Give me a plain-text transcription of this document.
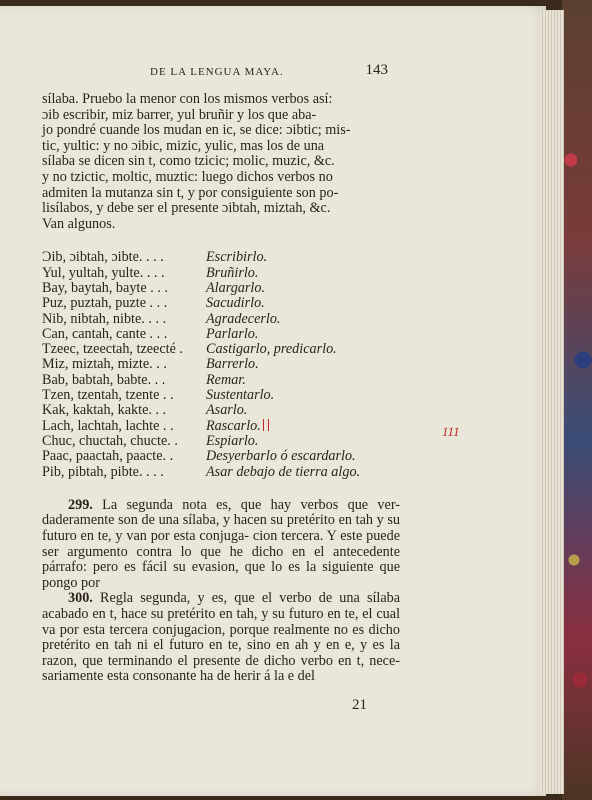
DE LA LENGUA MAYA.	143

sílaba. Pruebo la menor con los mismos verbos así:
ɔib escribir, miz barrer, yul bruñir y los que aba-
jo pondré cuande los mudan en ic, se dice: ɔibtic; mis-
tic, yultic: y no ɔibic, mizic, yulic, mas los de una
sílaba se dicen sin t, como tzicic; molic, muzic, &c.
y no tzictic, moltic, muztic: luego dichos verbos no
admiten la mutanza sin t, y por consiguiente son po-
lisílabos, y debe ser el presente ɔibtah, miztah, &c.
Van algunos.

Ɔib, ɔibtah, ɔibte. . . .	Escribirlo.
Yul, yultah, yulte. . . .	Bruñirlo.
Bay, baytah, bayte . . .	Alargarlo.
Puz, puztah, puzte . . .	Sacudirlo.
Nib, nibtah, nibte. . . .	Agradecerlo.
Can, cantah, cante . . .	Parlarlo.
Tzeec, tzeectah, tzeecté .	Castigarlo, predicarlo.
Miz, miztah, mizte. . .	Barrerlo.
Bab, babtah, babte. . .	Remar.
Tzen, tzentah, tzente . .	Sustentarlo.
Kak, kaktah, kakte. . .	Asarlo.
Lach, lachtah, lachte . .	Rascarlo.
Chuc, chuctah, chucte. .	Espiarlo.
Paac, paactah, paacte. .	Desyerbarlo ó escardarlo.
Pib, pibtah, pibte. . . .	Asar debajo de tierra algo.

299. La segunda nota es, que hay verbos que ver- daderamente son de una sílaba, y hacen su pretérito en tah y su futuro en te, y van por esta conjuga- cion tercera. Y este puede ser argumento contra lo que he dicho en el antecedente párrafo: pero es fácil su evasion, que lo es la siguiente que pongo por

300. Regla segunda, y es, que el verbo de una sílaba acabado en t, hace su pretérito en tah, y su futuro en te, el cual va por esta tercera conjugacion, porque realmente no es dicho pretérito en tah ni el futuro en te, sino en ah y en e, y es la razon, que terminando el presente de dicho verbo en t, nece- sariamente esta consonante ha de herir á la e del

111
21
